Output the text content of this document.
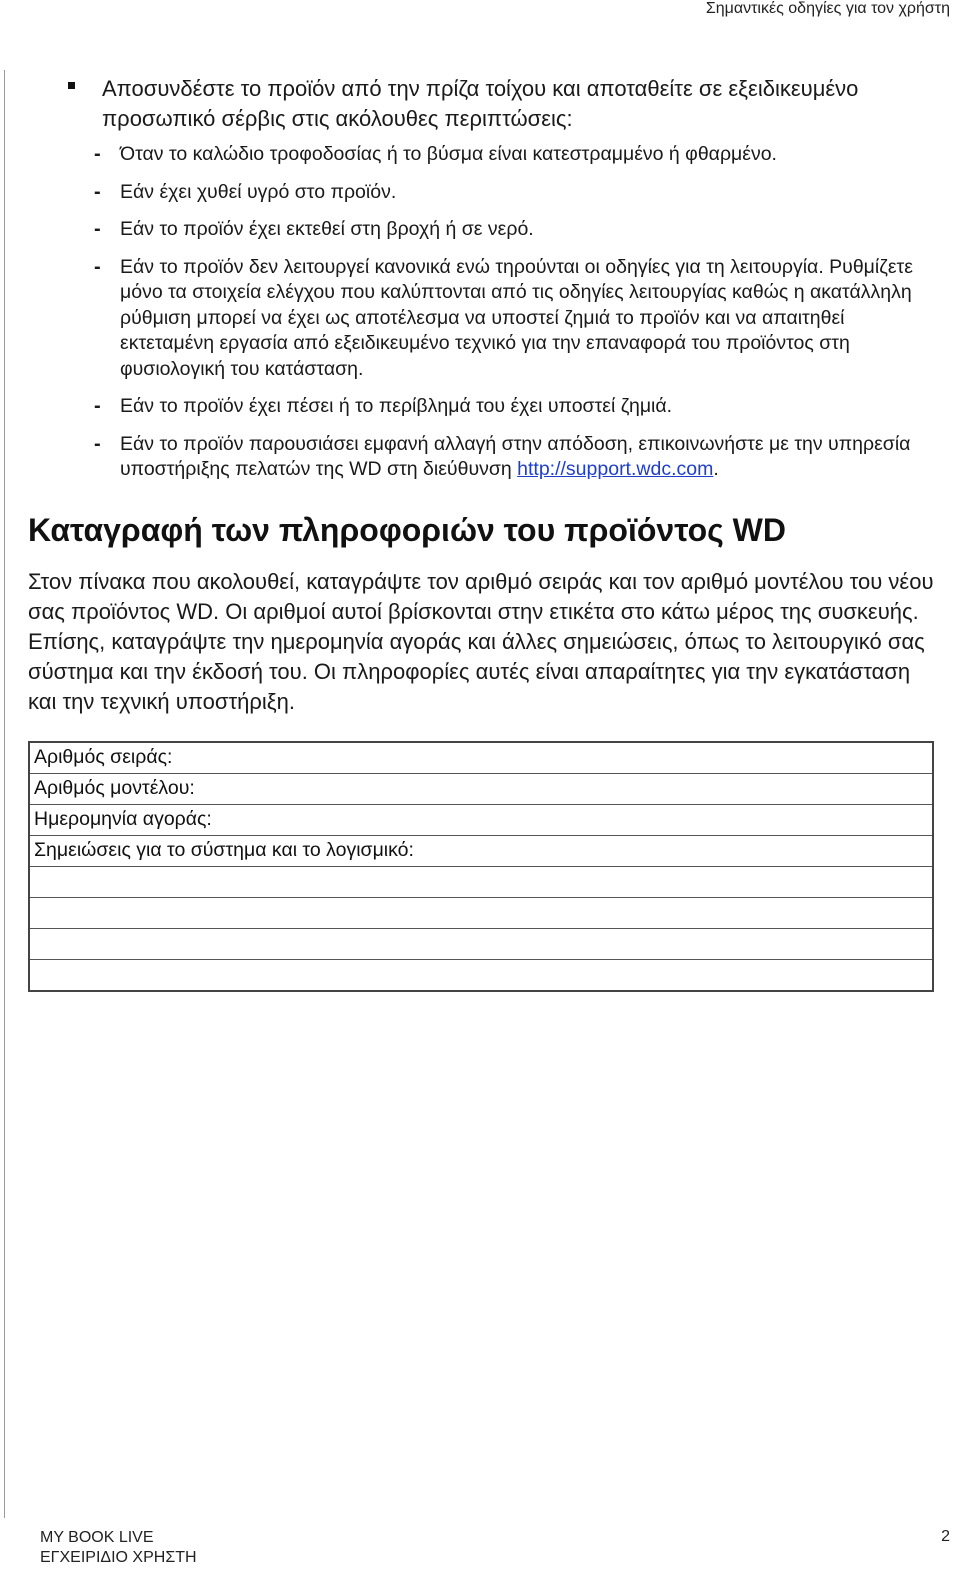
Σημαντικές οδηγίες για τον χρήστη
Αποσυνδέστε το προϊόν από την πρίζα τοίχου και αποταθείτε σε εξειδικευμένο προσωπικό σέρβις στις ακόλουθες περιπτώσεις:
- Όταν το καλώδιο τροφοδοσίας ή το βύσμα είναι κατεστραμμένο ή φθαρμένο.
- Εάν έχει χυθεί υγρό στο προϊόν.
- Εάν το προϊόν έχει εκτεθεί στη βροχή ή σε νερό.
- Εάν το προϊόν δεν λειτουργεί κανονικά ενώ τηρούνται οι οδηγίες για τη λειτουργία. Ρυθμίζετε μόνο τα στοιχεία ελέγχου που καλύπτονται από τις οδηγίες λειτουργίας καθώς η ακατάλληλη ρύθμιση μπορεί να έχει ως αποτέλεσμα να υποστεί ζημιά το προϊόν και να απαιτηθεί εκτεταμένη εργασία από εξειδικευμένο τεχνικό για την επαναφορά του προϊόντος στη φυσιολογική του κατάσταση.
- Εάν το προϊόν έχει πέσει ή το περίβλημά του έχει υποστεί ζημιά.
- Εάν το προϊόν παρουσιάσει εμφανή αλλαγή στην απόδοση, επικοινωνήστε με την υπηρεσία υποστήριξης πελατών της WD στη διεύθυνση http://support.wdc.com.
Καταγραφή των πληροφοριών του προϊόντος WD

Στον πίνακα που ακολουθεί, καταγράψτε τον αριθμό σειράς και τον αριθμό μοντέλου του νέου σας προϊόντος WD. Οι αριθμοί αυτοί βρίσκονται στην ετικέτα στο κάτω μέρος της συσκευής. Επίσης, καταγράψτε την ημερομηνία αγοράς και άλλες σημειώσεις, όπως το λειτουργικό σας σύστημα και την έκδοσή του. Οι πληροφορίες αυτές είναι απαραίτητες για την εγκατάσταση και την τεχνική υποστήριξη.

Αριθμός σειράς:
Αριθμός μοντέλου:
Ημερομηνία αγοράς:
Σημειώσεις για το σύστημα και το λογισμικό:

MY BOOK LIVE
ΕΓΧΕΙΡΙΔΙΟ ΧΡΗΣΤΗ
2
